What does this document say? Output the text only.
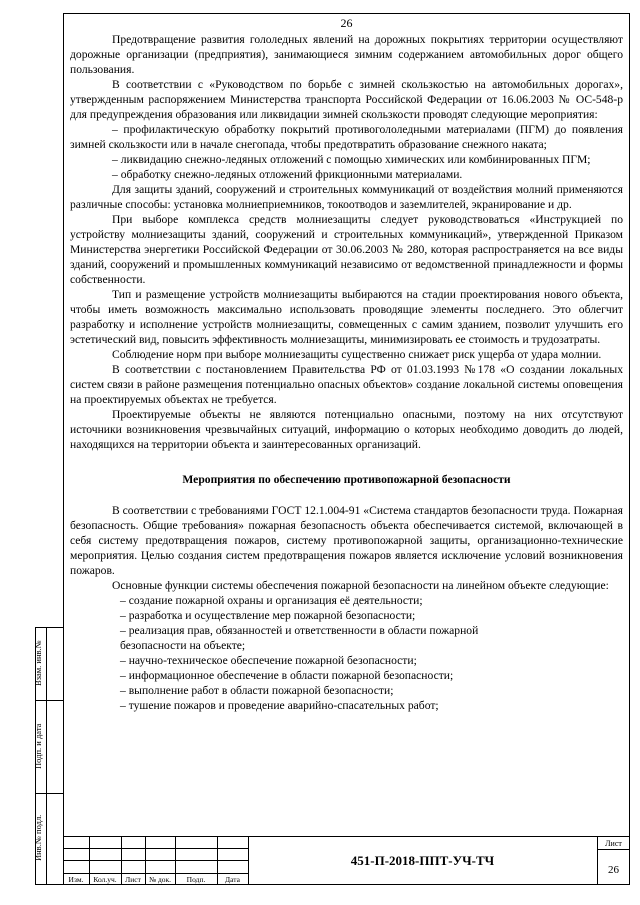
26

Предотвращение развития гололедных явлений на дорожных покрытиях территории осуществляют дорожные организации (предприятия), занимающиеся зимним содержанием автомобильных дорог общего пользования.

В соответствии с «Руководством по борьбе с зимней скользкостью на автомобильных дорогах», утвержденным распоряжением Министерства транспорта Российской Федерации от 16.06.2003 № ОС-548-р для предупреждения образования или ликвидации зимней скользкости проводят следующие мероприятия:

– профилактическую обработку покрытий противогололедными материалами (ПГМ) до появления зимней скользкости или в начале снегопада, чтобы предотвратить образование снежного наката;

– ликвидацию снежно-ледяных отложений с помощью химических или комбинированных ПГМ;

– обработку снежно-ледяных отложений фрикционными материалами.

Для защиты зданий, сооружений и строительных коммуникаций от воздействия молний применяются различные способы: установка молниеприемников, токоотводов и заземлителей, экранирование и др.

При выборе комплекса средств молниезащиты следует руководствоваться «Инструкцией по устройству молниезащиты зданий, сооружений и строительных коммуникаций», утвержденной Приказом Министерства энергетики Российской Федерации от 30.06.2003 № 280, которая распространяется на все виды зданий, сооружений и промышленных коммуникаций независимо от ведомственной принадлежности и формы собственности.

Тип и размещение устройств молниезащиты выбираются на стадии проектирования нового объекта, чтобы иметь возможность максимально использовать проводящие элементы последнего. Это облегчит разработку и исполнение устройств молниезащиты, совмещенных с самим зданием, позволит улучшить его эстетический вид, повысить эффективность молниезащиты, минимизировать ее стоимость и трудозатраты.

Соблюдение норм при выборе молниезащиты существенно снижает риск ущерба от удара молнии.

В соответствии с постановлением Правительства РФ от 01.03.1993 №178 «О создании локальных систем связи в районе размещения потенциально опасных объектов» создание локальной системы оповещения на проектируемых объектах не требуется.

Проектируемые объекты не являются потенциально опасными, поэтому на них отсутствуют источники возникновения чрезвычайных ситуаций, информацию о которых необходимо доводить до людей, находящихся на территории объекта и заинтересованных организаций.

Мероприятия по обеспечению противопожарной безопасности

В соответствии с требованиями ГОСТ 12.1.004-91 «Система стандартов безопасности труда. Пожарная безопасность. Общие требования» пожарная безопасность объекта обеспечивается системой, включающей в себя систему предотвращения пожаров, систему противопожарной защиты, организационно-технические мероприятия. Целью создания систем предотвращения пожаров является исключение условий возникновения пожаров.

Основные функции системы обеспечения пожарной безопасности на линейном объекте следующие:

– создание пожарной охраны и организация её деятельности;

– разработка и осуществление мер пожарной безопасности;

– реализация прав, обязанностей и ответственности в области пожарной

безопасности на объекте;

– научно-техническое обеспечение пожарной безопасности;

– информационное обеспечение в области пожарной безопасности;

– выполнение работ в области пожарной безопасности;

– тушение пожаров и проведение аварийно-спасательных работ;

Взам. инв.№
Подп. и дата
Инв.№ подл.
Изм.	Кол.уч.	Лист	№ док.	Подп.	Дата
451-П-2018-ППТ-УЧ-ТЧ
Лист
26
